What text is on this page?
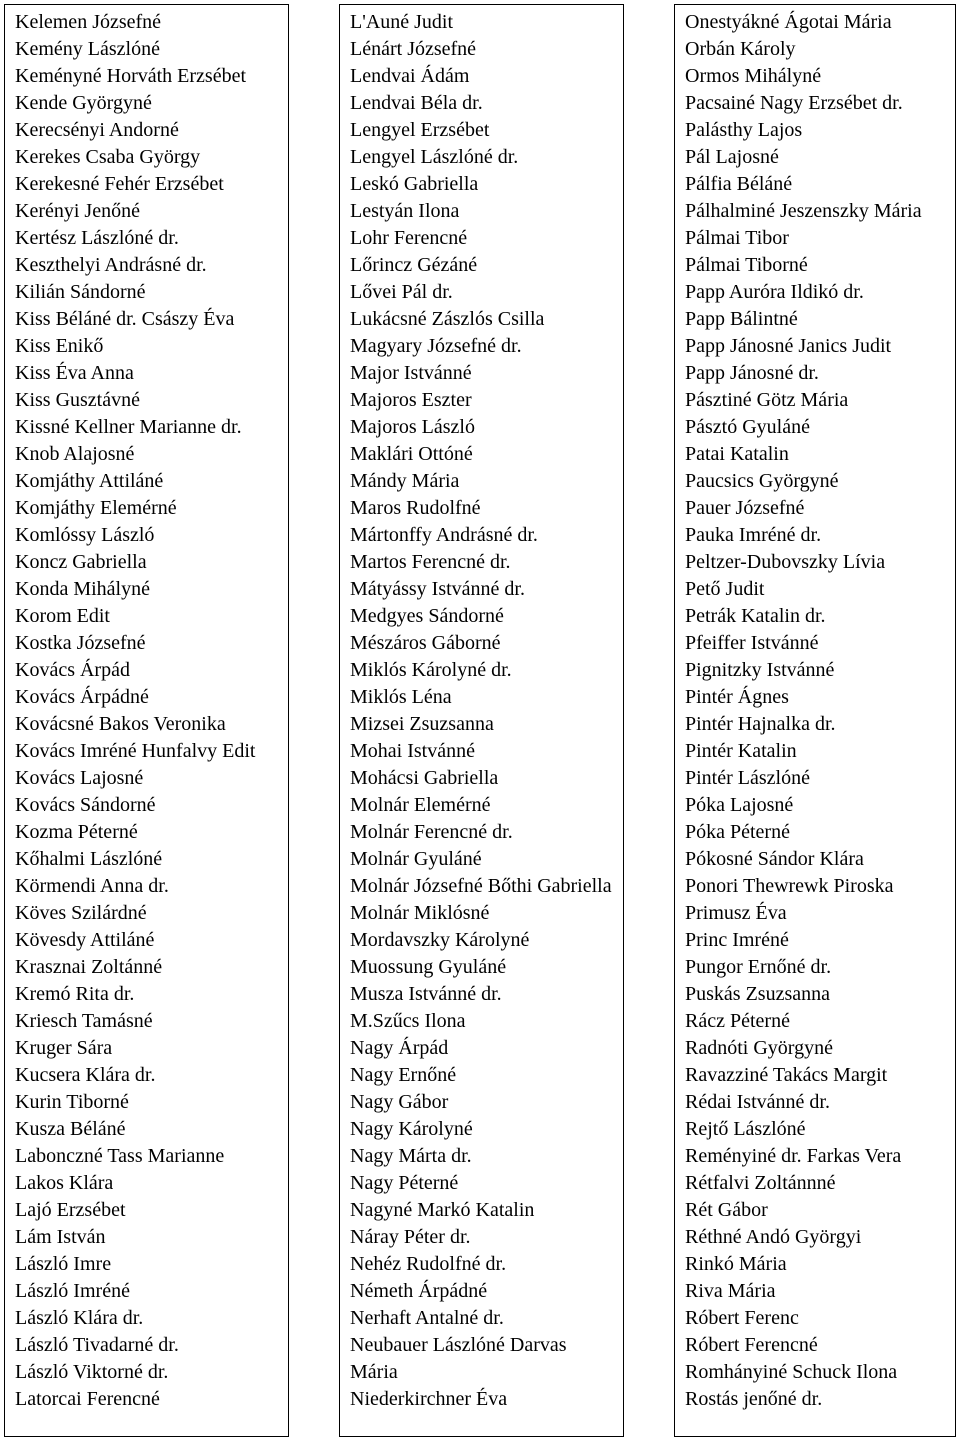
Kelemen Józsefné
Kemény Lászlóné
Keményné Horváth Erzsébet
Kende Györgyné
Kerecsényi Andorné
Kerekes Csaba György
Kerekesné Fehér Erzsébet
Kerényi Jenőné
Kertész Lászlóné dr.
Keszthelyi Andrásné dr.
Kilián Sándorné
Kiss Béláné dr. Császy Éva
Kiss Enikő
Kiss Éva Anna
Kiss Gusztávné
Kissné Kellner Marianne dr.
Knob Alajosné
Komjáthy Attiláné
Komjáthy Elemérné
Komlóssy László
Koncz Gabriella
Konda Mihályné
Korom Edit
Kostka Józsefné
Kovács Árpád
Kovács Árpádné
Kovácsné Bakos Veronika
Kovács Imréné Hunfalvy Edit
Kovács Lajosné
Kovács Sándorné
Kozma Péterné
Kőhalmi Lászlóné
Körmendi Anna dr.
Köves Szilárdné
Kövesdy Attiláné
Krasznai Zoltánné
Kremó Rita dr.
Kriesch Tamásné
Kruger Sára
Kucsera Klára dr.
Kurin Tiborné
Kusza Béláné
Labonczné Tass Marianne
Lakos Klára
Lajó Erzsébet
Lám István
László Imre
László Imréné
László Klára dr.
László Tivadarné dr.
László Viktorné dr.
Latorcai Ferencné
L'Auné Judit
Lénárt Józsefné
Lendvai Ádám
Lendvai Béla dr.
Lengyel Erzsébet
Lengyel Lászlóné dr.
Leskó Gabriella
Lestyán Ilona
Lohr Ferencné
Lőrincz Gézáné
Lővei Pál dr.
Lukácsné Zászlós Csilla
Magyary Józsefné dr.
Major Istvánné
Majoros Eszter
Majoros László
Maklári Ottóné
Mándy Mária
Maros Rudolfné
Mártonffy Andrásné dr.
Martos Ferencné dr.
Mátyássy Istvánné dr.
Medgyes Sándorné
Mészáros Gáborné
Miklós Károlyné dr.
Miklós Léna
Mizsei Zsuzsanna
Mohai Istvánné
Mohácsi Gabriella
Molnár Elemérné
Molnár Ferencné dr.
Molnár Gyuláné
Molnár Józsefné Bőthi Gabriella
Molnár Miklósné
Mordavszky Károlyné
Muossung Gyuláné
Musza Istvánné dr.
M.Szűcs Ilona
Nagy Árpád
Nagy Ernőné
Nagy Gábor
Nagy Károlyné
Nagy Márta dr.
Nagy Péterné
Nagyné Markó Katalin
Náray Péter dr.
Nehéz Rudolfné dr.
Németh Árpádné
Nerhaft Antalné dr.
Neubauer Lászlóné Darvas Mária
Niederkirchner Éva
Onestyákné Ágotai Mária
Orbán Károly
Ormos Mihályné
Pacsainé Nagy Erzsébet dr.
Palásthy Lajos
Pál Lajosné
Pálfia Béláné
Pálhalminé Jeszenszky Mária
Pálmai Tibor
Pálmai Tiborné
Papp Auróra Ildikó dr.
Papp Bálintné
Papp Jánosné Janics Judit
Papp Jánosné dr.
Pásztiné Götz Mária
Pásztó Gyuláné
Patai Katalin
Paucsics Györgyné
Pauer Józsefné
Pauka Imréné dr.
Peltzer-Dubovszky Lívia
Pető Judit
Petrák Katalin dr.
Pfeiffer Istvánné
Pignitzky Istvánné
Pintér Ágnes
Pintér Hajnalka dr.
Pintér Katalin
Pintér Lászlóné
Póka Lajosné
Póka Péterné
Pókosné Sándor Klára
Ponori Thewrewk Piroska
Primusz Éva
Princ Imréné
Pungor Ernőné dr.
Puskás Zsuzsanna
Rácz Péterné
Radnóti Györgyné
Ravazziné Takács Margit
Rédai Istvánné dr.
Rejtő Lászlóné
Reményiné dr. Farkas Vera
Rétfalvi Zoltánnné
Rét Gábor
Réthné Andó Györgyi
Rinkó Mária
Riva Mária
Róbert Ferenc
Róbert Ferencné
Romhányiné Schuck Ilona
Rostás jenőné dr.
